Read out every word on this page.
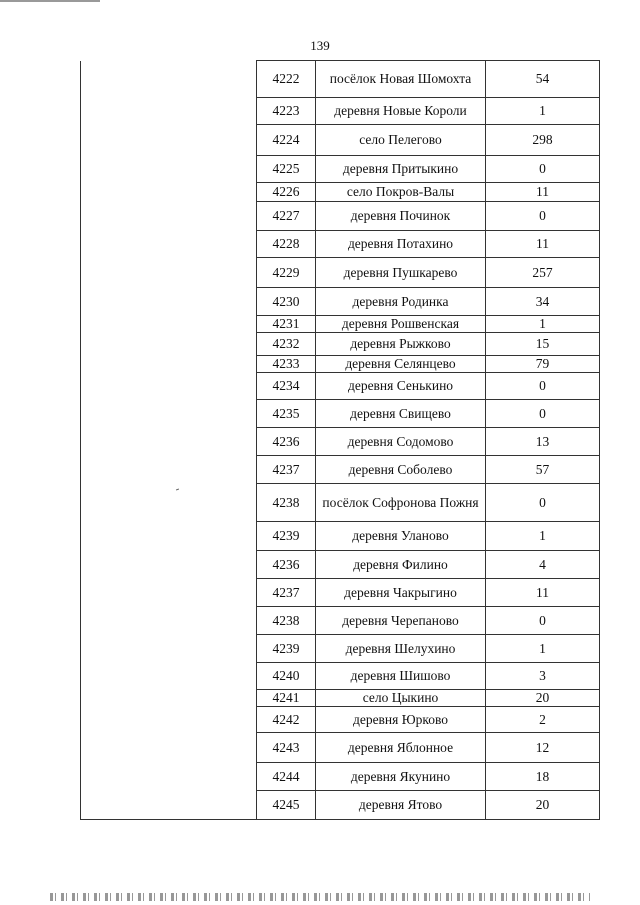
139
	4222	посёлок Новая Шомохта	54
	4223	деревня Новые Короли	1
	4224	село Пелегово	298
	4225	деревня Притыкино	0
	4226	село Покров-Валы	11
	4227	деревня Починок	0
	4228	деревня Потахино	11
	4229	деревня Пушкарево	257
	4230	деревня Родинка	34
	4231	деревня Рошвенская	1
	4232	деревня Рыжково	15
	4233	деревня Селянцево	79
	4234	деревня Сенькино	0
	4235	деревня Свищево	0
	4236	деревня Содомово	13
	4237	деревня Соболево	57
	4238	посёлок Софронова Пожня	0
	4239	деревня Уланово	1
	4236	деревня Филино	4
	4237	деревня Чакрыгино	11
	4238	деревня Черепаново	0
	4239	деревня Шелухино	1
	4240	деревня Шишово	3
	4241	село Цыкино	20
	4242	деревня Юрково	2
	4243	деревня Яблонное	12
	4244	деревня Якунино	18
	4245	деревня Ятово	20
